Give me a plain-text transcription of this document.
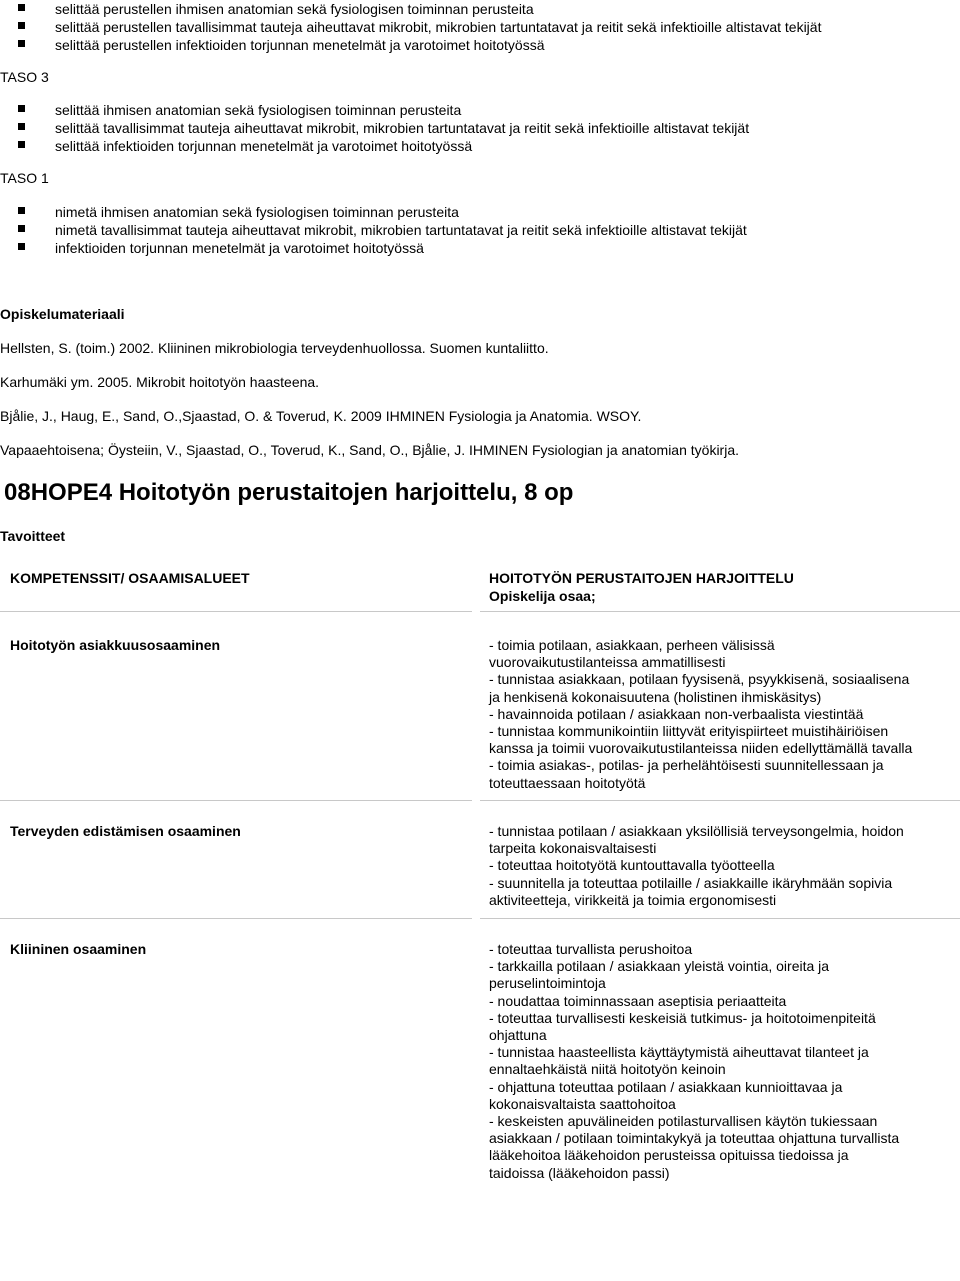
selittää perustellen ihmisen anatomian sekä fysiologisen toiminnan perusteita
selittää perustellen tavallisimmat tauteja aiheuttavat mikrobit, mikrobien tartuntatavat ja reitit sekä infektioille altistavat tekijät
selittää perustellen infektioiden torjunnan menetelmät ja varotoimet hoitotyössä
TASO 3
selittää ihmisen anatomian sekä fysiologisen toiminnan perusteita
selittää tavallisimmat tauteja aiheuttavat mikrobit, mikrobien tartuntatavat ja reitit sekä infektioille altistavat tekijät
selittää infektioiden torjunnan menetelmät ja varotoimet hoitotyössä
TASO 1
nimetä ihmisen anatomian sekä fysiologisen toiminnan perusteita
nimetä tavallisimmat tauteja aiheuttavat mikrobit, mikrobien tartuntatavat ja reitit sekä infektioille altistavat tekijät
infektioiden torjunnan menetelmät ja varotoimet hoitotyössä
Opiskelumateriaali
Hellsten, S. (toim.) 2002. Kliininen mikrobiologia terveydenhuollossa. Suomen kuntaliitto.
Karhumäki ym. 2005. Mikrobit hoitotyön haasteena.
Bjålie, J., Haug, E., Sand, O.,Sjaastad, O. & Toverud, K. 2009 IHMINEN Fysiologia ja Anatomia. WSOY.
Vapaaehtoisena; Öysteiin, V., Sjaastad, O., Toverud, K., Sand, O., Bjålie, J. IHMINEN Fysiologian ja anatomian työkirja.
08HOPE4 Hoitotyön perustaitojen harjoittelu, 8 op
Tavoitteet
KOMPETENSSIT/ OSAAMISALUEET	HOITOTYÖN PERUSTAITOJEN HARJOITTELU
Opiskelija osaa;
Hoitotyön asiakkuusosaaminen	- toimia potilaan, asiakkaan, perheen välisissä
vuorovaikutustilanteissa ammatillisesti
- tunnistaa asiakkaan, potilaan fyysisenä, psyykkisenä, sosiaalisena
ja henkisenä kokonaisuutena (holistinen ihmiskäsitys)
- havainnoida potilaan / asiakkaan non-verbaalista viestintää
- tunnistaa kommunikointiin liittyvät erityispiirteet muistihäiriöisen
kanssa ja toimii vuorovaikutustilanteissa niiden edellyttämällä tavalla
- toimia asiakas-, potilas- ja perhelähtöisesti suunnitellessaan ja
toteuttaessaan hoitotyötä
Terveyden edistämisen osaaminen	- tunnistaa potilaan / asiakkaan yksilöllisiä terveysongelmia, hoidon
tarpeita kokonaisvaltaisesti
- toteuttaa hoitotyötä kuntouttavalla työotteella
- suunnitella ja toteuttaa potilaille / asiakkaille ikäryhmään sopivia
aktiviteetteja, virikkeitä ja toimia ergonomisesti
Kliininen osaaminen	- toteuttaa turvallista perushoitoa
- tarkkailla potilaan / asiakkaan yleistä vointia, oireita ja
peruselintoimintoja
- noudattaa toiminnassaan aseptisia periaatteita
- toteuttaa turvallisesti keskeisiä tutkimus- ja hoitotoimenpiteitä
ohjattuna
- tunnistaa haasteellista käyttäytymistä aiheuttavat tilanteet ja
ennaltaehkäistä niitä hoitotyön keinoin
- ohjattuna toteuttaa potilaan / asiakkaan kunnioittavaa ja
kokonaisvaltaista saattohoitoa
- keskeisten apuvälineiden potilasturvallisen käytön tukiessaan
asiakkaan / potilaan toimintakykyä ja toteuttaa ohjattuna turvallista
lääkehoitoa lääkehoidon perusteissa opituissa tiedoissa ja
taidoissa (lääkehoidon passi)
